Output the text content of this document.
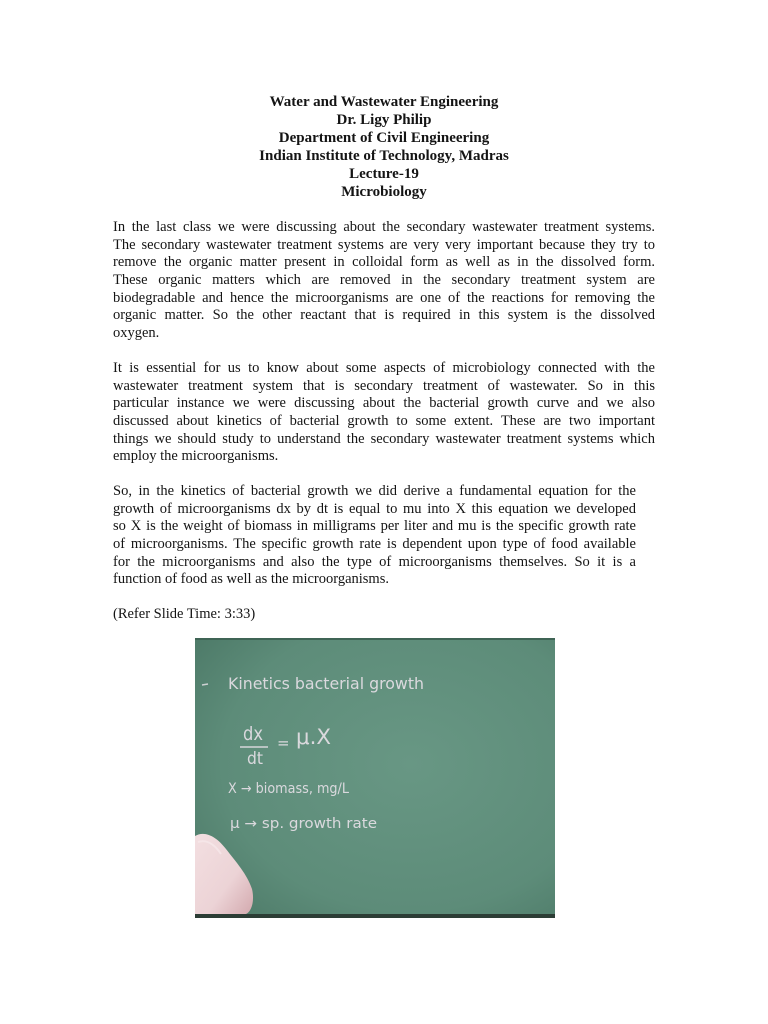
Water and Wastewater Engineering
Dr. Ligy Philip
Department of Civil Engineering
Indian Institute of Technology, Madras
Lecture-19
Microbiology
In the last class we were discussing about the secondary wastewater treatment systems.
The secondary wastewater treatment systems are very very important because they try to
remove the organic matter present in colloidal form as well as in the dissolved form.
These organic matters which are removed in the secondary treatment system are
biodegradable and hence the microorganisms are one of the reactions for removing the
organic matter. So the other reactant that is required in this system is the dissolved
oxygen.
It is essential for us to know about some aspects of microbiology connected with the
wastewater treatment system that is secondary treatment of wastewater. So in this
particular instance we were discussing about the bacterial growth curve and we also
discussed about kinetics of bacterial growth to some extent. These are two important
things we should study to understand the secondary wastewater treatment systems which
employ the microorganisms.
So, in the kinetics of bacterial growth we did derive a fundamental equation for the
growth of microorganisms dx by dt is equal to mu into X this equation we developed
so X is the weight of biomass in milligrams per liter and mu is the specific growth rate
of microorganisms. The specific growth rate is dependent upon type of food available
for the microorganisms and also the type of microorganisms themselves. So it is a
function of food as well as the microorganisms.
(Refer Slide Time: 3:33)
Kinetics bacterial growth
dx
dt
= μ.X
X → biomass, mg/L
μ → sp. growth rate
